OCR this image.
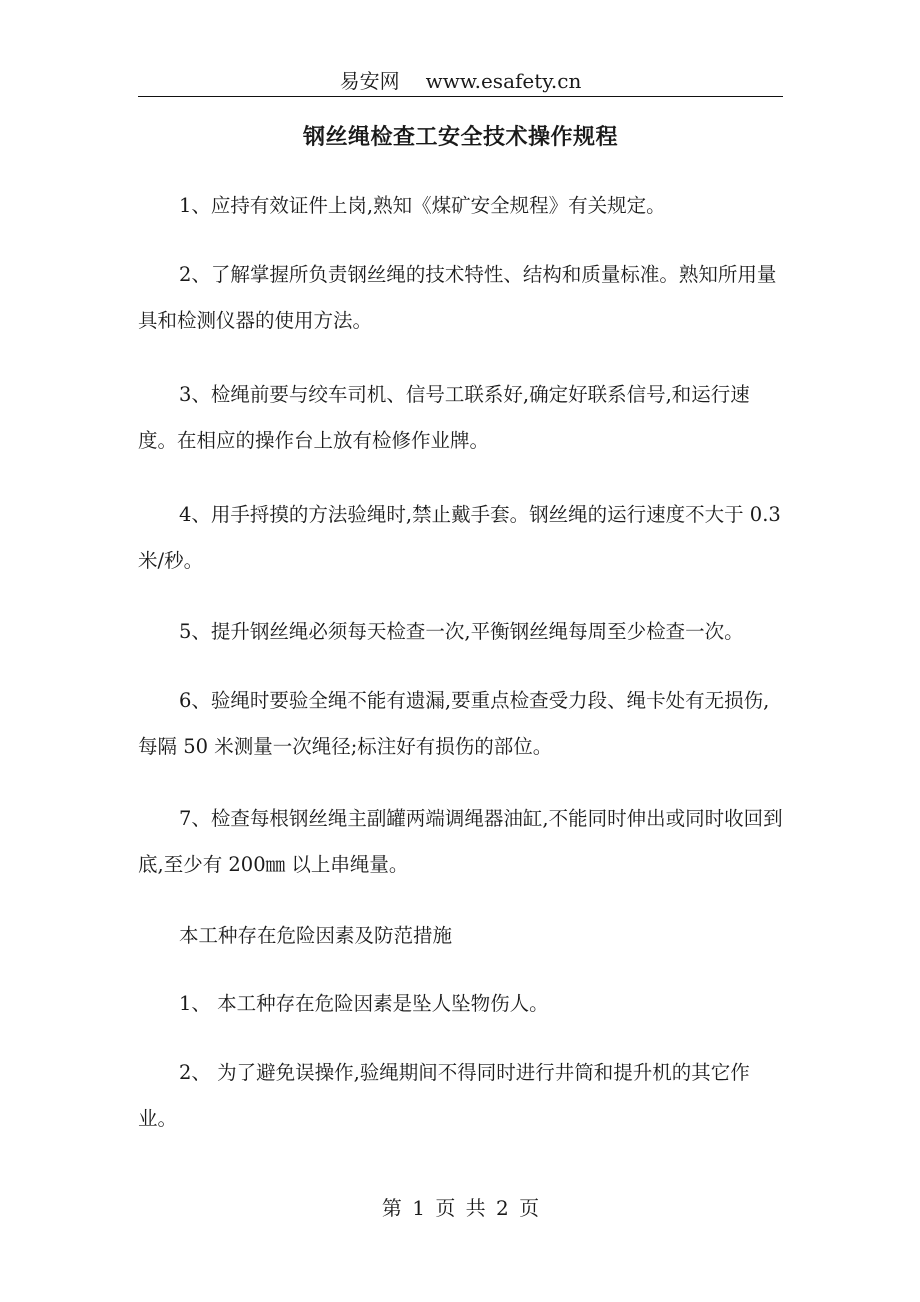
易安网 www.esafety.cn
钢丝绳检查工安全技术操作规程

1、应持有效证件上岗,熟知《煤矿安全规程》有关规定。

2、了解掌握所负责钢丝绳的技术特性、结构和质量标准。熟知所用量具和检测仪器的使用方法。

3、检绳前要与绞车司机、信号工联系好,确定好联系信号,和运行速度。在相应的操作台上放有检修作业牌。

4、用手捋摸的方法验绳时,禁止戴手套。钢丝绳的运行速度不大于 0.3 米/秒。

5、提升钢丝绳必须每天检查一次,平衡钢丝绳每周至少检查一次。

6、验绳时要验全绳不能有遗漏,要重点检查受力段、绳卡处有无损伤,每隔 50 米测量一次绳径;标注好有损伤的部位。

7、检查每根钢丝绳主副罐两端调绳器油缸,不能同时伸出或同时收回到底,至少有 200㎜ 以上串绳量。

本工种存在危险因素及防范措施

1、 本工种存在危险因素是坠人坠物伤人。

2、 为了避免误操作,验绳期间不得同时进行井筒和提升机的其它作业。

第 1 页 共 2 页
